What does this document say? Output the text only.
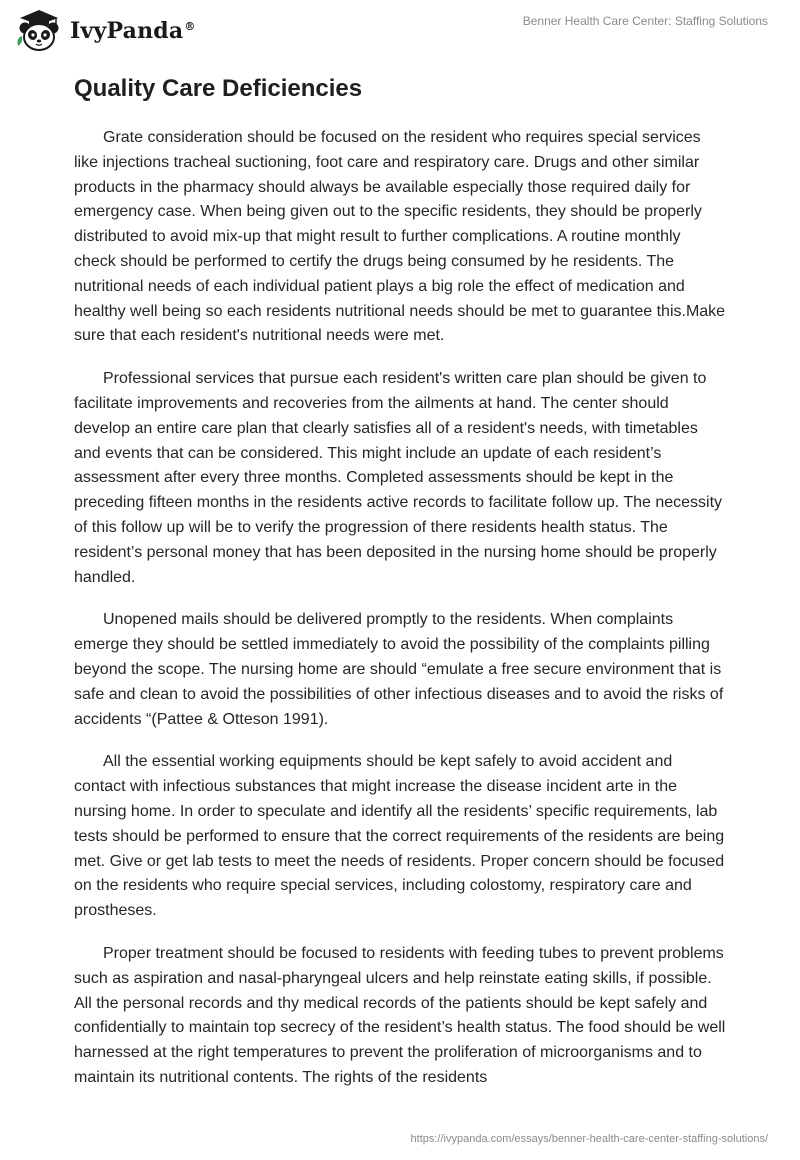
IvyPanda®	Benner Health Care Center: Staffing Solutions
Quality Care Deficiencies

Grate consideration should be focused on the resident who requires special services like injections tracheal suctioning, foot care and respiratory care. Drugs and other similar products in the pharmacy should always be available especially those required daily for emergency case. When being given out to the specific residents, they should be properly distributed to avoid mix-up that might result to further complications. A routine monthly check should be performed to certify the drugs being consumed by he residents. The nutritional needs of each individual patient plays a big role the effect of medication and healthy well being so each residents nutritional needs should be met to guarantee this.Make sure that each resident's nutritional needs were met.

Professional services that pursue each resident's written care plan should be given to facilitate improvements and recoveries from the ailments at hand. The center should develop an entire care plan that clearly satisfies all of a resident's needs, with timetables and events that can be considered. This might include an update of each resident’s assessment after every three months. Completed assessments should be kept in the preceding fifteen months in the residents active records to facilitate follow up. The necessity of this follow up will be to verify the progression of there residents health status. The resident’s personal money that has been deposited in the nursing home should be properly handled.

Unopened mails should be delivered promptly to the residents. When complaints emerge they should be settled immediately to avoid the possibility of the complaints pilling beyond the scope. The nursing home are should “emulate a free secure environment that is safe and clean to avoid the possibilities of other infectious diseases and to avoid the risks of accidents “(Pattee & Otteson 1991).

All the essential working equipments should be kept safely to avoid accident and contact with infectious substances that might increase the disease incident arte in the nursing home. In order to speculate and identify all the residents’ specific requirements, lab tests should be performed to ensure that the correct requirements of the residents are being met. Give or get lab tests to meet the needs of residents. Proper concern should be focused on the residents who require special services, including colostomy, respiratory care and prostheses.

Proper treatment should be focused to residents with feeding tubes to prevent problems such as aspiration and nasal-pharyngeal ulcers and help reinstate eating skills, if possible. All the personal records and thy medical records of the patients should be kept safely and confidentially to maintain top secrecy of the resident’s health status. The food should be well harnessed at the right temperatures to prevent the proliferation of microorganisms and to maintain its nutritional contents. The rights of the residents

https://ivypanda.com/essays/benner-health-care-center-staffing-solutions/
